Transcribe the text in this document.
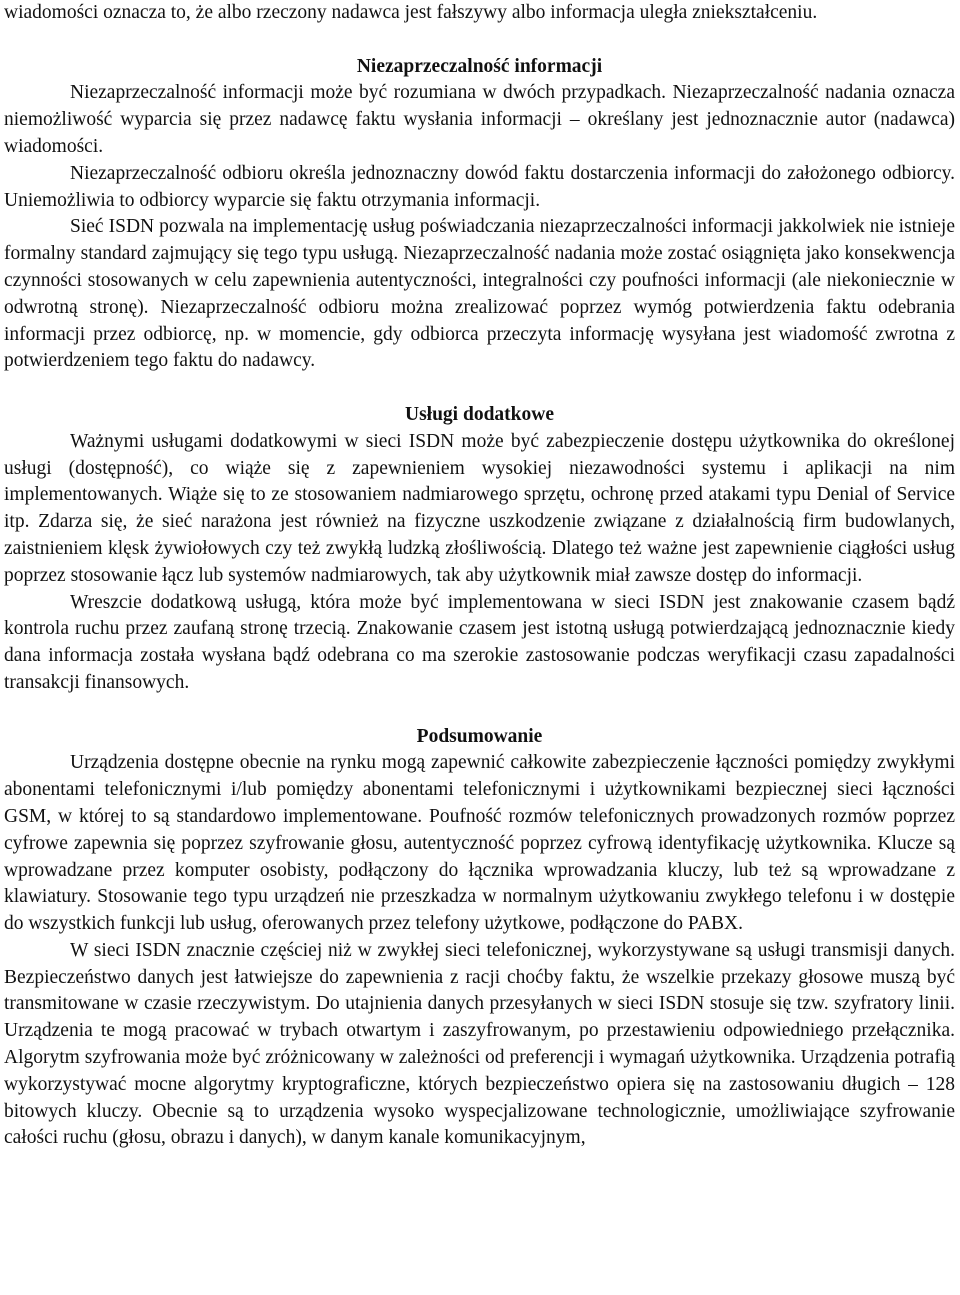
wiadomości oznacza to, że albo rzeczony nadawca jest fałszywy albo informacja uległa zniekształceniu.

Niezaprzeczalność informacji

Niezaprzeczalność informacji może być rozumiana w dwóch przypadkach. Niezaprzeczalność nadania oznacza niemożliwość wyparcia się przez nadawcę faktu wysłania informacji – określany jest jednoznacznie autor (nadawca) wiadomości.

Niezaprzeczalność odbioru określa jednoznaczny dowód faktu dostarczenia informacji do założonego odbiorcy. Uniemożliwia to odbiorcy wyparcie się faktu otrzymania informacji.

Sieć ISDN pozwala na implementację usług poświadczania niezaprzeczalności informacji jakkolwiek nie istnieje formalny standard zajmujący się tego typu usługą. Niezaprzeczalność nadania może zostać osiągnięta jako konsekwencja czynności stosowanych w celu zapewnienia autentyczności, integralności czy poufności informacji (ale niekoniecznie w odwrotną stronę). Niezaprzeczalność odbioru można zrealizować poprzez wymóg potwierdzenia faktu odebrania informacji przez odbiorcę, np. w momencie, gdy odbiorca przeczyta informację wysyłana jest wiadomość zwrotna z potwierdzeniem tego faktu do nadawcy.

Usługi dodatkowe

Ważnymi usługami dodatkowymi w sieci ISDN może być zabezpieczenie dostępu użytkownika do określonej usługi (dostępność), co wiąże się z zapewnieniem wysokiej niezawodności systemu i aplikacji na nim implementowanych. Wiąże się to ze stosowaniem nadmiarowego sprzętu, ochronę przed atakami typu Denial of Service itp. Zdarza się, że sieć narażona jest również na fizyczne uszkodzenie związane z działalnością firm budowlanych, zaistnieniem klęsk żywiołowych czy też zwykłą ludzką złośliwością. Dlatego też ważne jest zapewnienie ciągłości usług poprzez stosowanie łącz lub systemów nadmiarowych, tak aby użytkownik miał zawsze dostęp do informacji.

Wreszcie dodatkową usługą, która może być implementowana w sieci ISDN jest znakowanie czasem bądź kontrola ruchu przez zaufaną stronę trzecią. Znakowanie czasem jest istotną usługą potwierdzającą jednoznacznie kiedy dana informacja została wysłana bądź odebrana co ma szerokie zastosowanie podczas weryfikacji czasu zapadalności transakcji finansowych.

Podsumowanie

Urządzenia dostępne obecnie na rynku mogą zapewnić całkowite zabezpieczenie łączności pomiędzy zwykłymi abonentami telefonicznymi i/lub pomiędzy abonentami telefonicznymi i użytkownikami bezpiecznej sieci łączności GSM, w której to są standardowo implementowane. Poufność rozmów telefonicznych prowadzonych rozmów poprzez cyfrowe zapewnia się poprzez szyfrowanie głosu, autentyczność poprzez cyfrową identyfikację użytkownika. Klucze są wprowadzane przez komputer osobisty, podłączony do łącznika wprowadzania kluczy, lub też są wprowadzane z klawiatury. Stosowanie tego typu urządzeń nie przeszkadza w normalnym użytkowaniu zwykłego telefonu i w dostępie do wszystkich funkcji lub usług, oferowanych przez telefony użytkowe, podłączone do PABX.

W sieci ISDN znacznie częściej niż w zwykłej sieci telefonicznej, wykorzystywane są usługi transmisji danych. Bezpieczeństwo danych jest łatwiejsze do zapewnienia z racji choćby faktu, że wszelkie przekazy głosowe muszą być transmitowane w czasie rzeczywistym. Do utajnienia danych przesyłanych w sieci ISDN stosuje się tzw. szyfratory linii. Urządzenia te mogą pracować w trybach otwartym i zaszyfrowanym, po przestawieniu odpowiedniego przełącznika. Algorytm szyfrowania może być zróżnicowany w zależności od preferencji i wymagań użytkownika. Urządzenia potrafią wykorzystywać mocne algorytmy kryptograficzne, których bezpieczeństwo opiera się na zastosowaniu długich – 128 bitowych kluczy. Obecnie są to urządzenia wysoko wyspecjalizowane technologicznie, umożliwiające szyfrowanie całości ruchu (głosu, obrazu i danych), w danym kanale komunikacyjnym,
